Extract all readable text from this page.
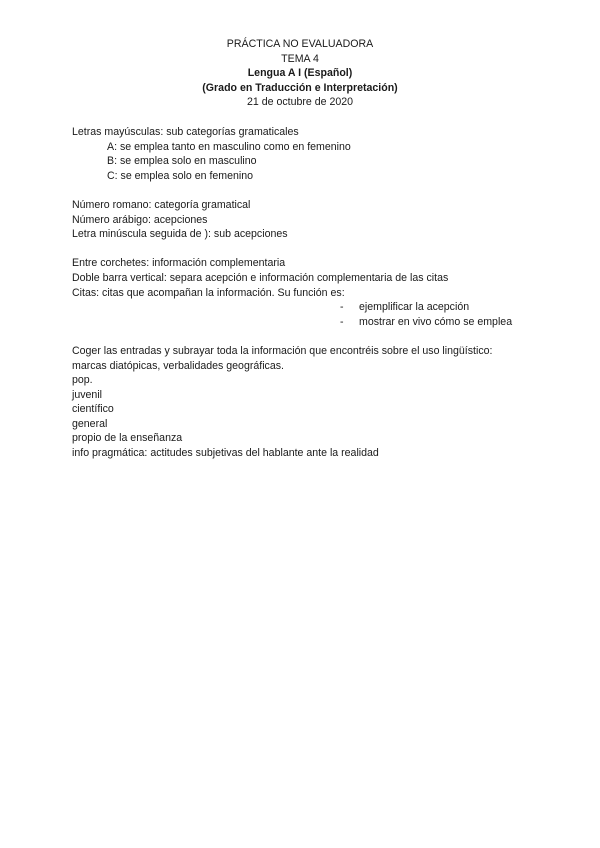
PRÁCTICA NO EVALUADORA
TEMA 4
Lengua A I (Español)
(Grado en Traducción e Interpretación)
21 de octubre de 2020
Letras mayúsculas: sub categorías gramaticales
A: se emplea tanto en masculino como en femenino
B: se emplea solo en masculino
C: se emplea solo en femenino
Número romano: categoría gramatical
Número arábigo: acepciones
Letra minúscula seguida de ): sub acepciones
Entre corchetes: información complementaria
Doble barra vertical: separa acepción e información complementaria de las citas
Citas: citas que acompañan la información. Su función es:
- ejemplificar la acepción
- mostrar en vivo cómo se emplea
Coger las entradas y subrayar toda la información que encontréis sobre el uso lingüístico:
marcas diatópicas, verbalidades geográficas.
pop.
juvenil
científico
general
propio de la enseñanza
info pragmática: actitudes subjetivas del hablante ante la realidad
